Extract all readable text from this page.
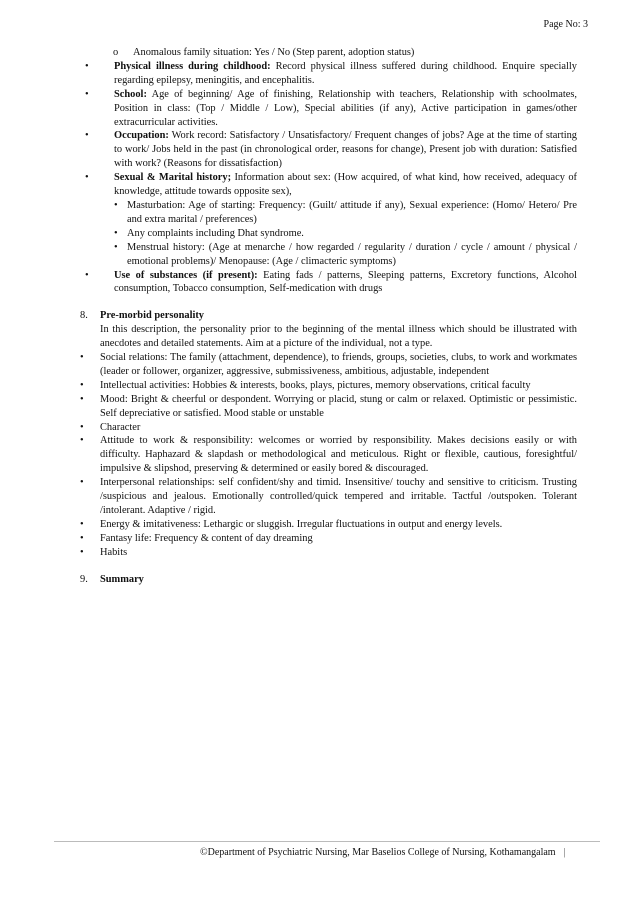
Page No: 3
o	Anomalous family situation: Yes / No (Step parent, adoption status)
•	Physical illness during childhood: Record physical illness suffered during childhood. Enquire specially regarding epilepsy, meningitis, and encephalitis.
•	School: Age of beginning/ Age of finishing, Relationship with teachers, Relationship with schoolmates, Position in class: (Top / Middle / Low), Special abilities (if any), Active participation in games/other extracurricular activities.
•	Occupation: Work record: Satisfactory / Unsatisfactory/ Frequent changes of jobs? Age at the time of starting to work/ Jobs held in the past (in chronological order, reasons for change), Present job with duration: Satisfied with work? (Reasons for dissatisfaction)
•	Sexual & Marital history; Information about sex: (How acquired, of what kind, how received, adequacy of knowledge, attitude towards opposite sex),
• Masturbation: Age of starting: Frequency: (Guilt/ attitude if any), Sexual experience: (Homo/ Hetero/ Pre and extra marital / preferences)
• Any complaints including Dhat syndrome.
• Menstrual history: (Age at menarche / how regarded / regularity / duration / cycle / amount / physical / emotional problems)/ Menopause: (Age / climacteric symptoms)
•	Use of substances (if present): Eating fads / patterns, Sleeping patterns, Excretory functions, Alcohol consumption, Tobacco consumption, Self-medication with drugs
8.	Pre-morbid personality
In this description, the personality prior to the beginning of the mental illness which should be illustrated with anecdotes and detailed statements. Aim at a picture of the individual, not a type.
•	Social relations: The family (attachment, dependence), to friends, groups, societies, clubs, to work and workmates (leader or follower, organizer, aggressive, submissiveness, ambitious, adjustable, independent
•	Intellectual activities: Hobbies & interests, books, plays, pictures, memory observations, critical faculty
•	Mood: Bright & cheerful or despondent. Worrying or placid, stung or calm or relaxed. Optimistic or pessimistic. Self depreciative or satisfied. Mood stable or unstable
•	Character
•	Attitude to work & responsibility: welcomes or worried by responsibility. Makes decisions easily or with difficulty. Haphazard & slapdash or methodological and meticulous. Right or flexible, cautious, foresightful/ impulsive & slipshod, preserving & determined or easily bored & discouraged.
•	Interpersonal relationships: self confident/shy and timid. Insensitive/ touchy and sensitive to criticism. Trusting /suspicious and jealous. Emotionally controlled/quick tempered and irritable. Tactful /outspoken. Tolerant /intolerant. Adaptive / rigid.
•	Energy & imitativeness: Lethargic or sluggish. Irregular fluctuations in output and energy levels.
•	Fantasy life: Frequency & content of day dreaming
•	Habits
9.	Summary
©Department of Psychiatric Nursing, Mar Baselios College of Nursing, Kothamangalam |
